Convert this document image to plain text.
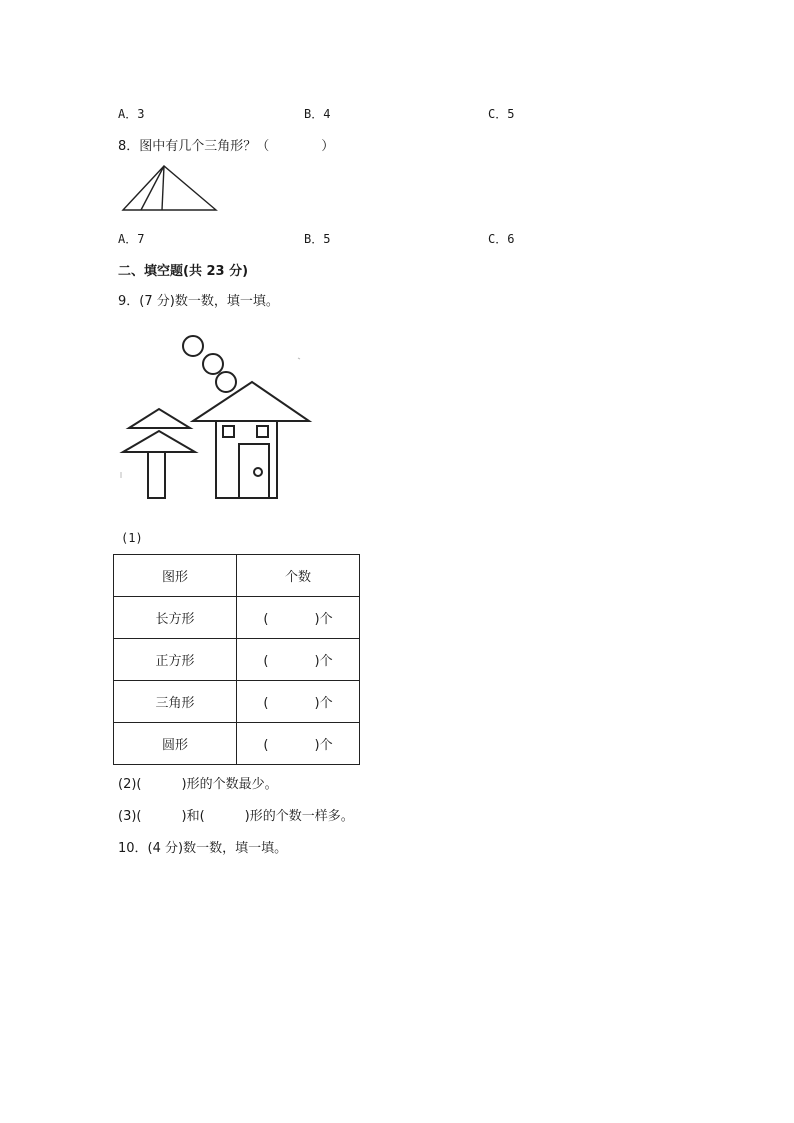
A．3	B．4	C．5
8．图中有几个三角形？（	）
A．7	B．5	C．6
二、填空题(共 23 分)
9．(7 分)数一数，填一填。
(1)
图形	个数
长方形	( )个
正方形	( )个
三角形	( )个
圆形	( )个
(2)(	)形的个数最少。
(3)(	)和(	)形的个数一样多。
10．(4 分)数一数，填一填。
